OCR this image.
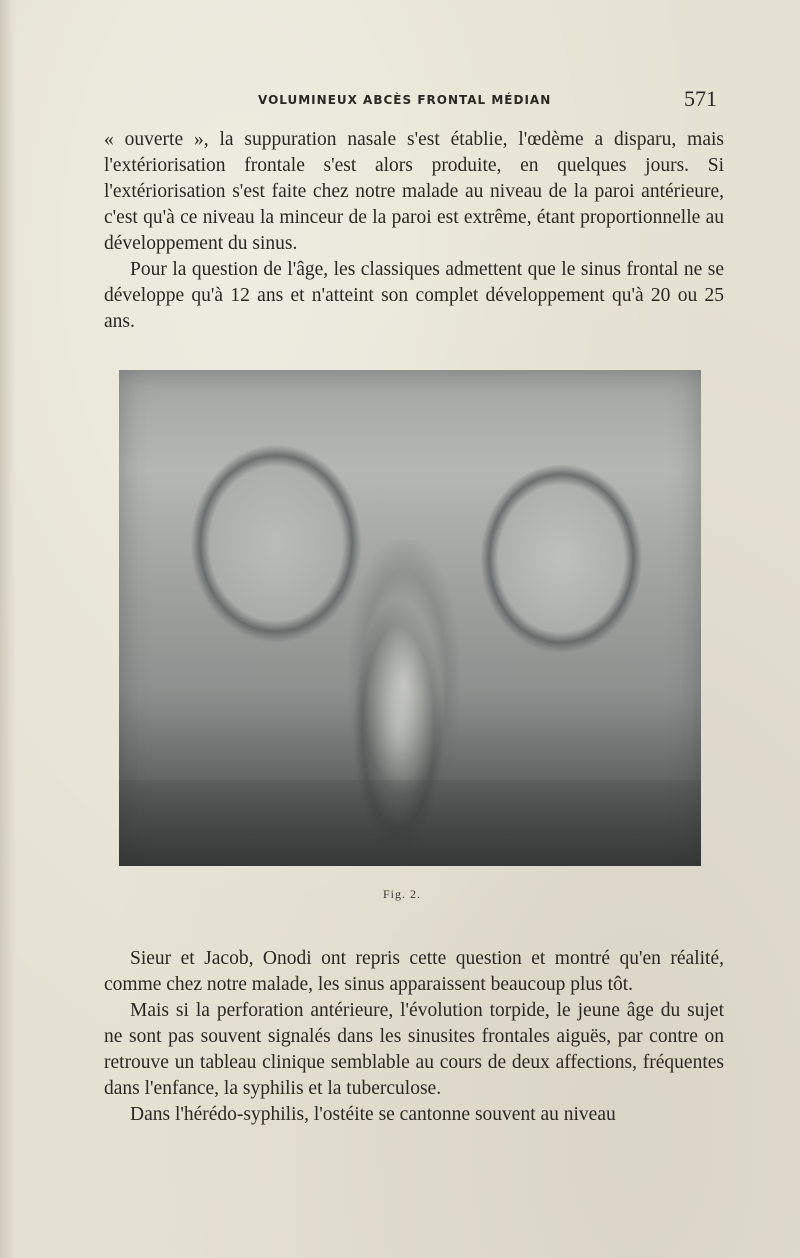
VOLUMINEUX ABCÈS FRONTAL MÉDIAN	571

« ouverte », la suppuration nasale s'est établie, l'œdème a disparu, mais l'extériorisation frontale s'est alors produite, en quelques jours. Si l'extériorisation s'est faite chez notre malade au niveau de la paroi antérieure, c'est qu'à ce niveau la minceur de la paroi est extrême, étant proportionnelle au développement du sinus.

Pour la question de l'âge, les classiques admettent que le sinus frontal ne se développe qu'à 12 ans et n'atteint son complet développement qu'à 20 ou 25 ans.

Fig. 2.

Sieur et Jacob, Onodi ont repris cette question et montré qu'en réalité, comme chez notre malade, les sinus apparaissent beaucoup plus tôt.

Mais si la perforation antérieure, l'évolution torpide, le jeune âge du sujet ne sont pas souvent signalés dans les sinusites frontales aiguës, par contre on retrouve un tableau clinique semblable au cours de deux affections, fréquentes dans l'enfance, la syphilis et la tuberculose.

Dans l'hérédo-syphilis, l'ostéite se cantonne souvent au niveau
